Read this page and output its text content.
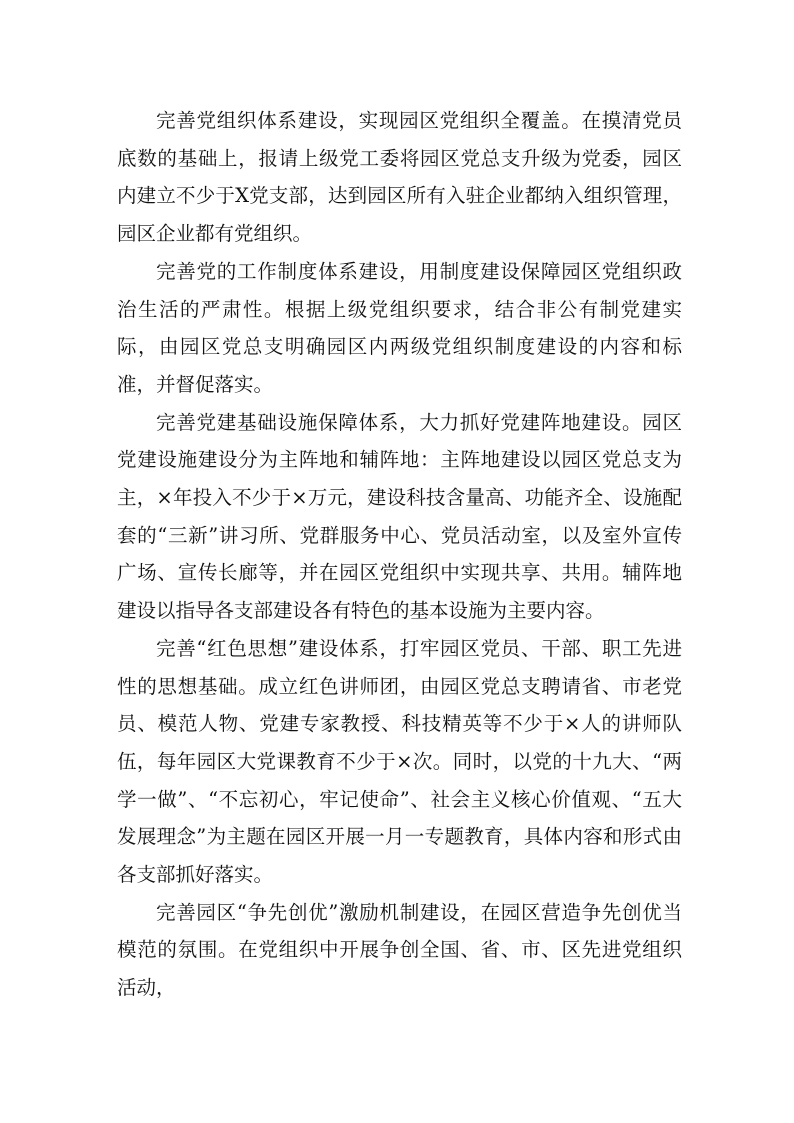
完善党组织体系建设，实现园区党组织全覆盖。在摸清党员底数的基础上，报请上级党工委将园区党总支升级为党委，园区内建立不少于X党支部，达到园区所有入驻企业都纳入组织管理，园区企业都有党组织。

完善党的工作制度体系建设，用制度建设保障园区党组织政治生活的严肃性。根据上级党组织要求，结合非公有制党建实际，由园区党总支明确园区内两级党组织制度建设的内容和标准，并督促落实。

完善党建基础设施保障体系，大力抓好党建阵地建设。园区党建设施建设分为主阵地和辅阵地：主阵地建设以园区党总支为主，×年投入不少于×万元，建设科技含量高、功能齐全、设施配套的“三新”讲习所、党群服务中心、党员活动室，以及室外宣传广场、宣传长廊等，并在园区党组织中实现共享、共用。辅阵地建设以指导各支部建设各有特色的基本设施为主要内容。

完善“红色思想”建设体系，打牢园区党员、干部、职工先进性的思想基础。成立红色讲师团，由园区党总支聘请省、市老党员、模范人物、党建专家教授、科技精英等不少于×人的讲师队伍，每年园区大党课教育不少于×次。同时，以党的十九大、“两学一做”、“不忘初心，牢记使命”、社会主义核心价值观、“五大发展理念”为主题在园区开展一月一专题教育，具体内容和形式由各支部抓好落实。

完善园区“争先创优”激励机制建设，在园区营造争先创优当模范的氛围。在党组织中开展争创全国、省、市、区先进党组织活动，
